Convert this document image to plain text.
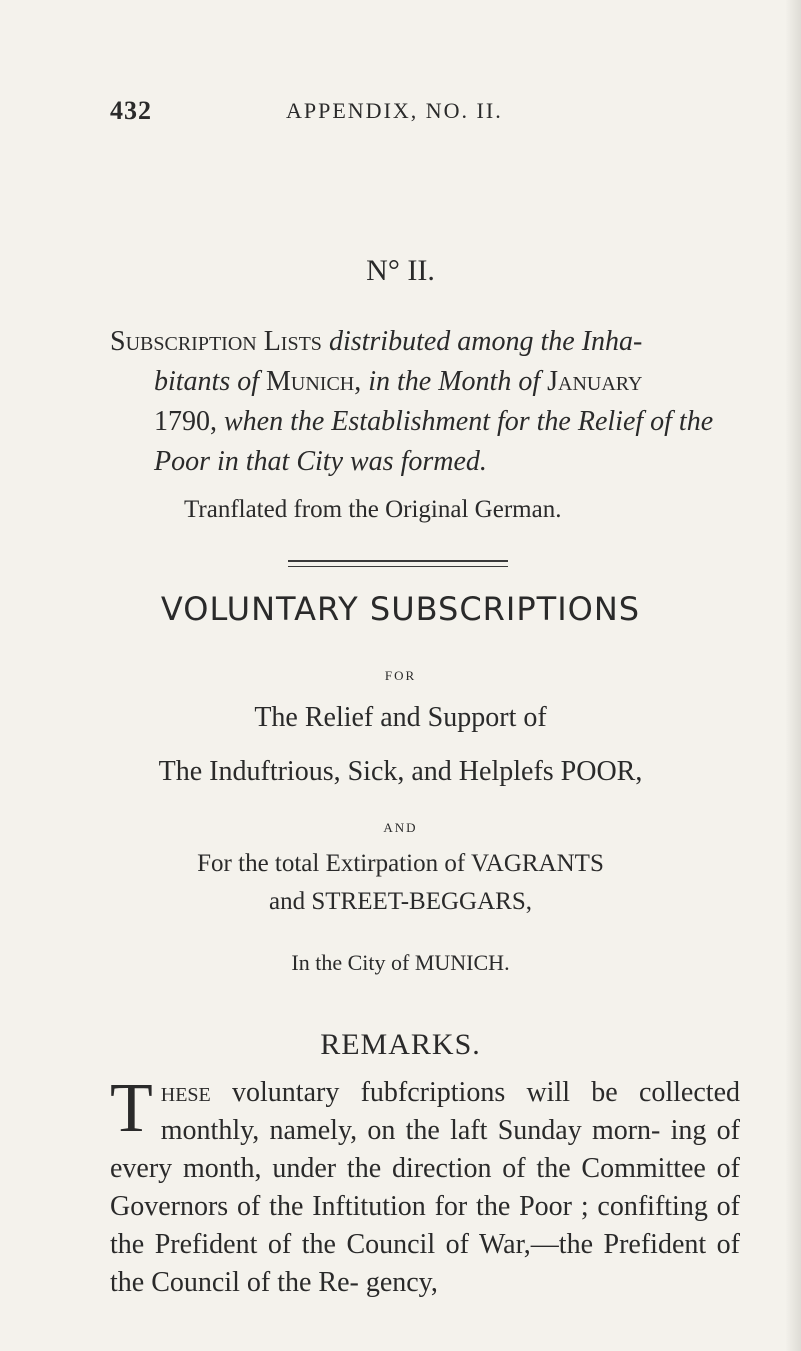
432	APPENDIX, NO. II.
N° II.
Subscription Lists distributed among the Inha-
bitants of Munich, in the Month of January
1790, when the Establishment for the Relief of the
Poor in that City was formed.
Tranflated from the Original German.
VOLUNTARY SUBSCRIPTIONS
FOR
The Relief and Support of
The Induftrious, Sick, and Helplefs POOR,
AND
For the total Extirpation of VAGRANTS
and STREET-BEGGARS,
In the City of MUNICH.
REMARKS.
These voluntary fubfcriptions will be collected monthly, namely, on the laft Sunday morn- ing of every month, under the direction of the Committee of Governors of the Inftitution for the Poor ; confifting of the Prefident of the Council of War,—the Prefident of the Council of the Re- gency,
